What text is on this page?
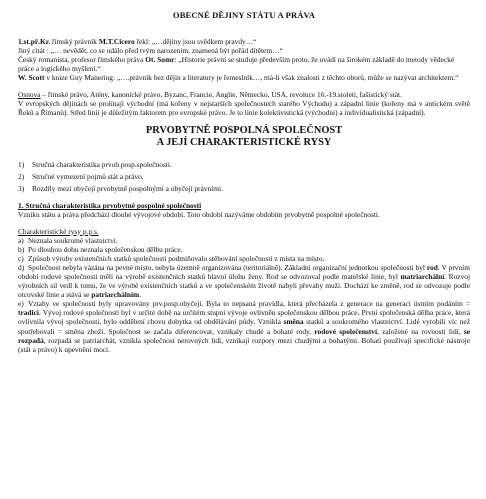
OBECNÉ DĚJINY STÁTU A PRÁVA

1.st.př.Kr. římský právník M.T.Cicero řekl: „…dějiny jsou svědkem pravdy…“

Jiný citát : „… nevědět, co se událo před tvým narozením, znamená být pořád dítětem…“

Český romanista, profesor římského práva Ot. Somr: „Historie právní se studuje především proto, že uvádí na širokém základě do metody vědecké práce a logického myšlení.“

W. Scott v knize Guy Manering: „….právník bez dějin a literatury je řemeslník…, má-li však znalosti z těchto oborů, může se nazývat architektem.“

Osnova – římské právo, Atény, kanonické právo, Byzanc, Francie, Anglie, Německo, USA, revoluce 16.-19.století, fašistický stát.

V evropských dějinách se prolínají východní (má kořeny v nejstarších společnostech starého Východu) a západní linie (kořeny má v antickém světě Řeků a Římanů). Střed linií je důležitým faktorem pro evropské právo. Je to linie kolektivistická (východní) a individualistická (západní).

PRVOBYTNĚ POSPOLNÁ SPOLEČNOST
A JEJÍ CHARAKTERISTICKÉ RYSY
1) Stručná charakteristika prvob.posp.společnosti.
2) Stručné vymezení pojmů stát a právo.
3) Rozdíly mezi obyčeji prvobytně pospolnými a obyčejí právními.

1. Stručná charakteristika prvobytně pospolné společnosti

Vzniku státu a práva předchází dlouhé vývojové období. Toto období nazýváme obdobím prvobytně pospolné společnosti.

Charakteristické rysy p.p.s.

a) Neznala soukromé vlastnictví.
b) Po dlouhou dobu neznala společenskou dělbu práce.
c) Způsob výroby existenčních statků společnosti podmiňovalo stěhování společnosti z místa na místo.
d) Společnost nebyla vázána na pevné místo, nebyla územně organizována (teritoriálně). Základní organizační jednotkou společnosti byl rod. V prvním období rodové společnosti měli na výrobě existenčních statků hlavní úlohu ženy. Rod se odvozoval podle mateřské linie, byl matriarchální. Rozvoj výrobních sil vedl k tomu, že ve výrobě existenčních statků a ve společenském životě nabyli převahy muži. Dochází ke změně, rod se odvozuje podle otcovské linie a stává se patriarchálním.
e) Vztahy ve společnosti byly upravovány prv.posp.obyčeji. Byla to nepsaná pravidla, která přecházela z generace na generaci ústním podáním = tradici. Vývoj rodové společnosti byl v určité době na určitém stupni vývoje ovlivněn společenskou dělbou práce. První společenská dělba práce, která ovlivnila vývoj společnosti, bylo oddělení chovu dobytka od obdělávání půdy. Vznikla směna statků a soukromého vlastnictví. Lidé vyrobili víc než spotřebovali = směna zboží. Společnost se začala diferencovat, vznikaly chudé a bohaté rody, rodové společenství, založené na rovnosti lidí, se rozpadá, rozpadá se patriarchát, vznikla společnost nerovných lidí, vznikají rozpory mezi chudými a bohatými. Bohatí používají specifické nástroje (stát a právo) k upevnění moci.
